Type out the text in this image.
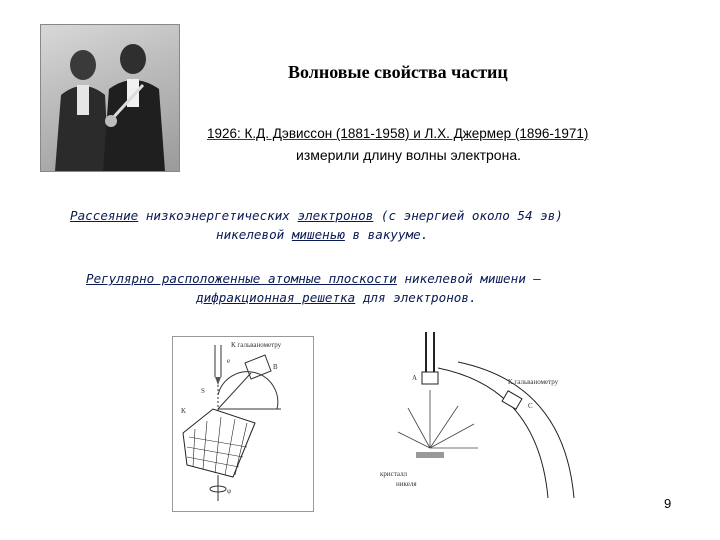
Волновые свойства частиц
1926: К.Д. Дэвиссон (1881-1958) и Л.Х. Джермер (1896-1971)
измерили длину волны электрона.
Рассеяние низкоэнергетических электронов (с энергией около 54 эв)
никелевой мишенью в вакууме.
Регулярно расположенные атомные плоскости никелевой мишени –
дифракционная решетка для электронов.
К гальванометру
e
B
S
K
φ
A	К гальванометру
C
кристалл
никеля
9
